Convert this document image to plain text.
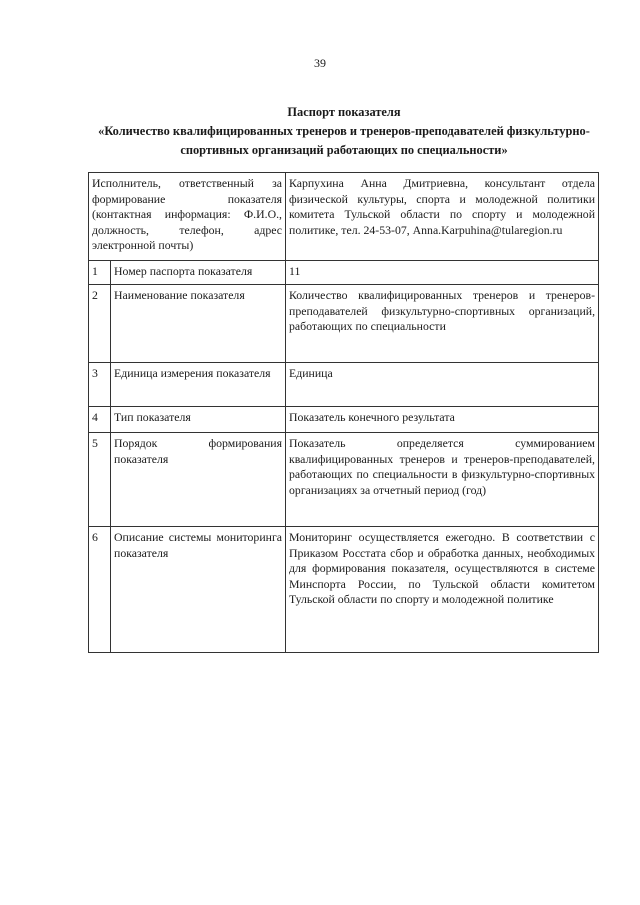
39
Паспорт показателя
«Количество квалифицированных тренеров и тренеров-преподавателей физкультурно-спортивных организаций работающих по специальности»
Исполнитель, ответственный за формирование показателя (контактная информация: Ф.И.О., должность, телефон, адрес электронной почты)		Карпухина Анна Дмитриевна, консультант отдела физической культуры, спорта и молодежной политики комитета Тульской области по спорту и молодежной политике, тел. 24-53-07, Anna.Karpuhina@tularegion.ru
1	Номер паспорта показателя	11
2	Наименование показателя	Количество квалифицированных тренеров и тренеров-преподавателей физкультурно-спортивных организаций, работающих по специальности
3	Единица измерения показателя	Единица
4	Тип показателя	Показатель конечного результата
5	Порядок формирования показателя	Показатель определяется суммированием квалифицированных тренеров и тренеров-преподавателей, работающих по специальности в физкультурно-спортивных организациях за отчетный период (год)
6	Описание системы мониторинга показателя	Мониторинг осуществляется ежегодно. В соответствии с Приказом Росстата сбор и обработка данных, необходимых для формирования показателя, осуществляются в системе Минспорта России, по Тульской области комитетом Тульской области по спорту и молодежной политике
